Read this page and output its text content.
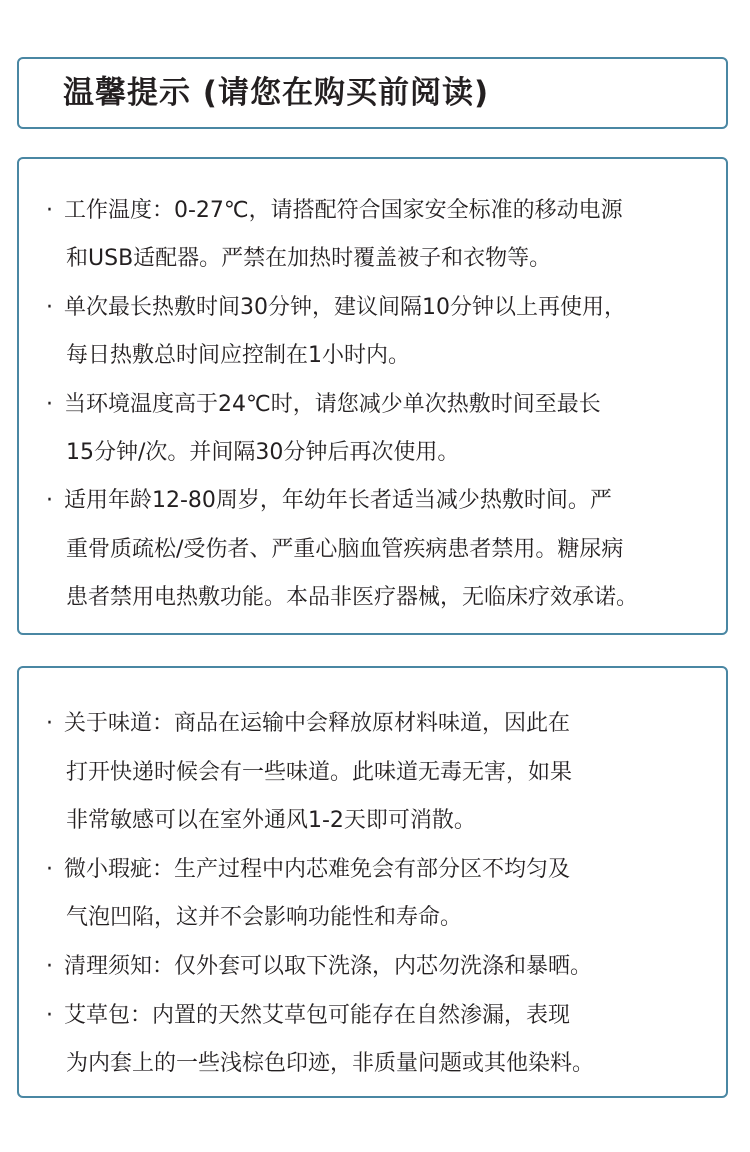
温馨提示 (请您在购买前阅读)
· 工作温度：0-27℃，请搭配符合国家安全标准的移动电源
和USB适配器。严禁在加热时覆盖被子和衣物等。
· 单次最长热敷时间30分钟，建议间隔10分钟以上再使用，
每日热敷总时间应控制在1小时内。
· 当环境温度高于24℃时，请您减少单次热敷时间至最长
15分钟/次。并间隔30分钟后再次使用。
· 适用年龄12-80周岁，年幼年长者适当减少热敷时间。严
重骨质疏松/受伤者、严重心脑血管疾病患者禁用。糖尿病
患者禁用电热敷功能。本品非医疗器械，无临床疗效承诺。
· 关于味道：商品在运输中会释放原材料味道，因此在
打开快递时候会有一些味道。此味道无毒无害，如果
非常敏感可以在室外通风1-2天即可消散。
· 微小瑕疵：生产过程中内芯难免会有部分区不均匀及
气泡凹陷，这并不会影响功能性和寿命。
· 清理须知：仅外套可以取下洗涤，内芯勿洗涤和暴晒。
· 艾草包：内置的天然艾草包可能存在自然渗漏，表现
为内套上的一些浅棕色印迹，非质量问题或其他染料。
